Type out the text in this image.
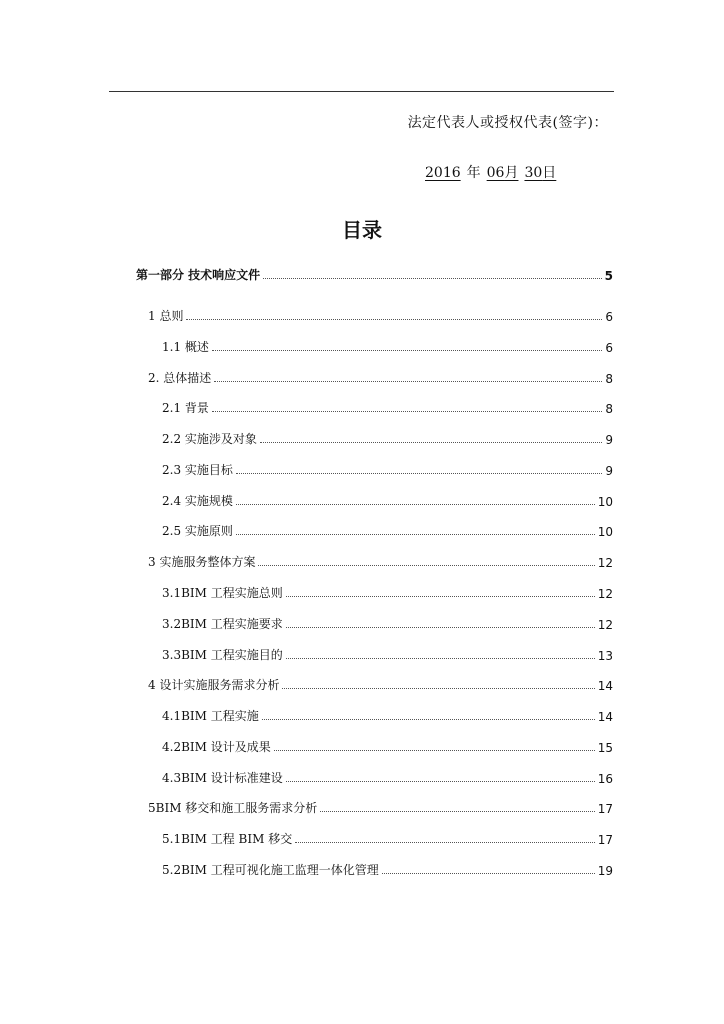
法定代表人或授权代表(签字)：
2016 年 06月 30日
目录
第一部分 技术响应文件	5
1 总则	6
1.1 概述	6
2. 总体描述	8
2.1 背景	8
2.2 实施涉及对象	9
2.3 实施目标	9
2.4 实施规模	10
2.5 实施原则	10
3 实施服务整体方案	12
3.1BIM 工程实施总则	12
3.2BIM 工程实施要求	12
3.3BIM 工程实施目的	13
4 设计实施服务需求分析	14
4.1BIM 工程实施	14
4.2BIM 设计及成果	15
4.3BIM 设计标准建设	16
5BIM 移交和施工服务需求分析	17
5.1BIM 工程 BIM 移交	17
5.2BIM 工程可视化施工监理一体化管理	19
